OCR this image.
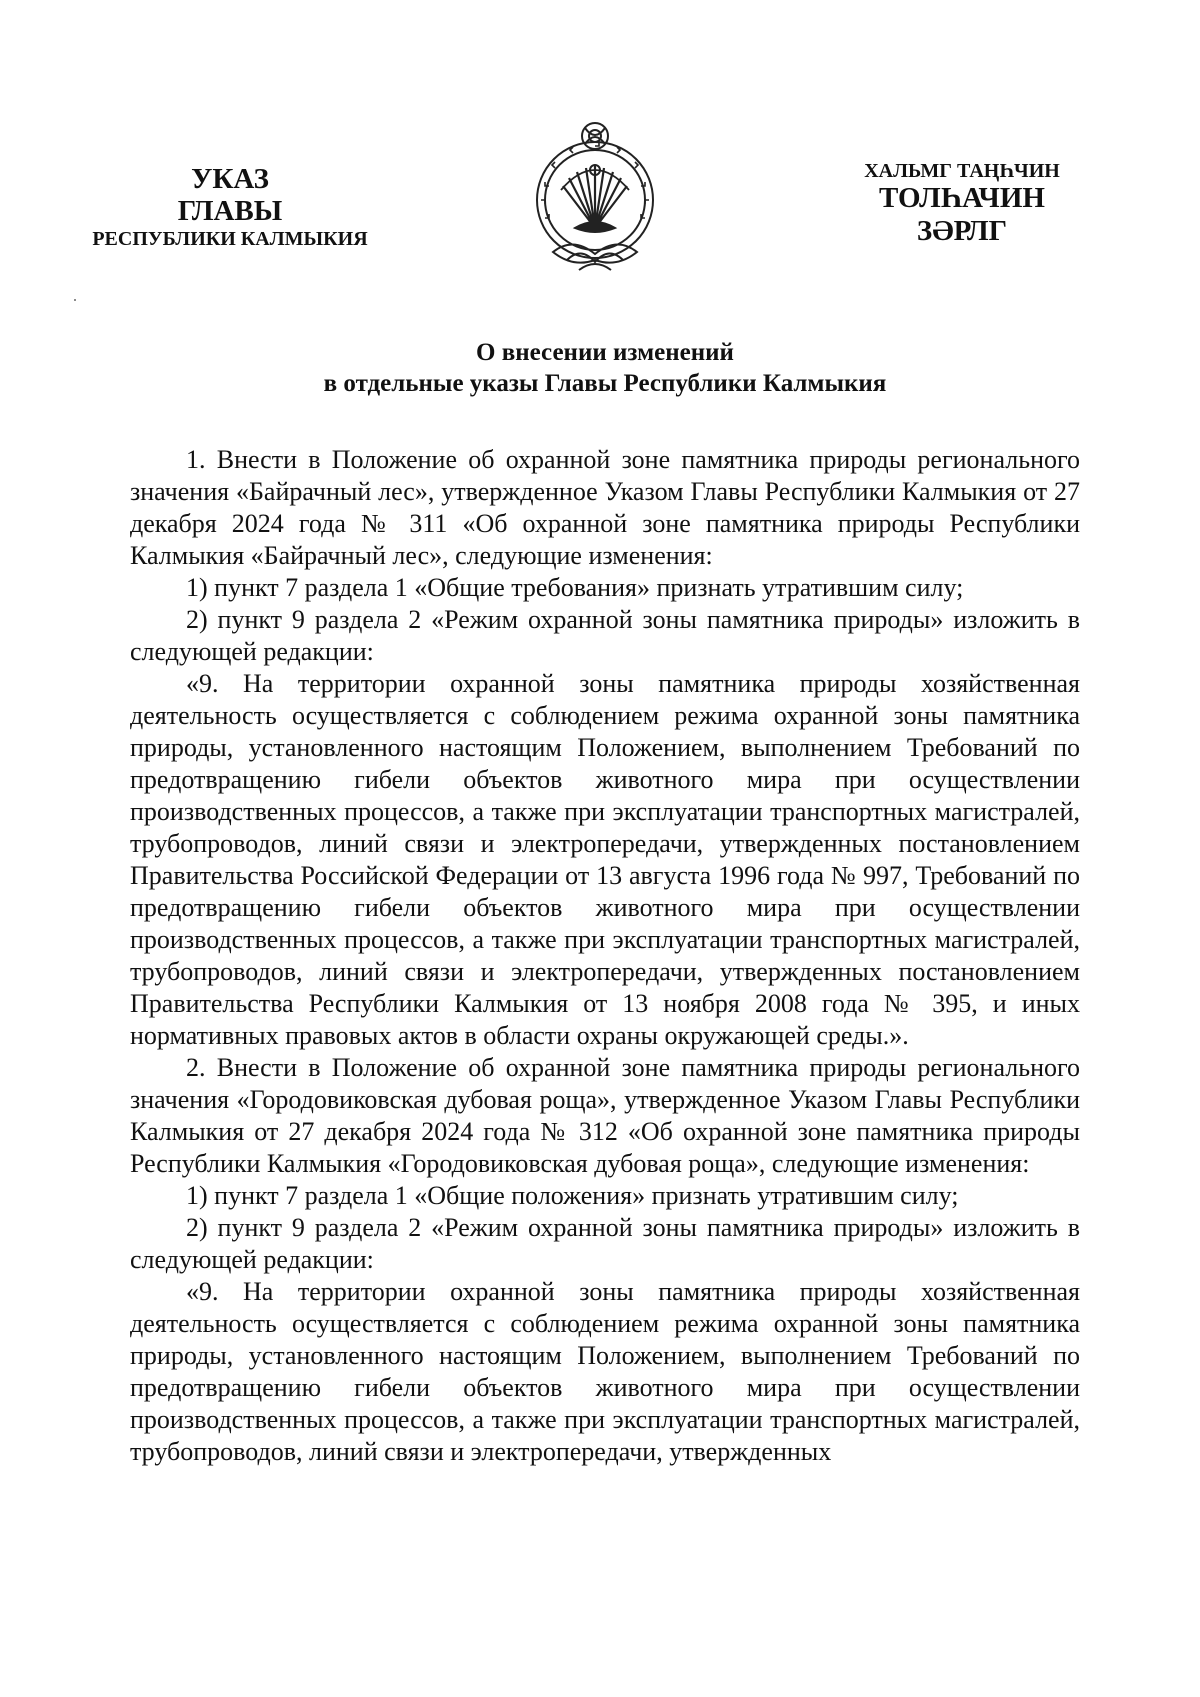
УКАЗ
ГЛАВЫ
РЕСПУБЛИКИ КАЛМЫКИЯ
ХАЛЬМГ ТАҢҺЧИН
ТОЛҺАЧИН
ЗӘРЛГ
О внесении изменений
в отдельные указы Главы Республики Калмыкия

1. Внести в Положение об охранной зоне памятника природы регионального значения «Байрачный лес», утвержденное Указом Главы Республики Калмыкия от 27 декабря 2024 года № 311 «Об охранной зоне памятника природы Республики Калмыкия «Байрачный лес», следующие изменения:

1) пункт 7 раздела 1 «Общие требования» признать утратившим силу;

2) пункт 9 раздела 2 «Режим охранной зоны памятника природы» изложить в следующей редакции:

«9. На территории охранной зоны памятника природы хозяйственная деятельность осуществляется с соблюдением режима охранной зоны памятника природы, установленного настоящим Положением, выполнением Требований по предотвращению гибели объектов животного мира при осуществлении производственных процессов, а также при эксплуатации транспортных магистралей, трубопроводов, линий связи и электропередачи, утвержденных постановлением Правительства Российской Федерации от 13 августа 1996 года № 997, Требований по предотвращению гибели объектов животного мира при осуществлении производственных процессов, а также при эксплуатации транспортных магистралей, трубопроводов, линий связи и электропередачи, утвержденных постановлением Правительства Республики Калмыкия от 13 ноября 2008 года № 395, и иных нормативных правовых актов в области охраны окружающей среды.».

2. Внести в Положение об охранной зоне памятника природы регионального значения «Городовиковская дубовая роща», утвержденное Указом Главы Республики Калмыкия от 27 декабря 2024 года № 312 «Об охранной зоне памятника природы Республики Калмыкия «Городовиковская дубовая роща», следующие изменения:

1) пункт 7 раздела 1 «Общие положения» признать утратившим силу;

2) пункт 9 раздела 2 «Режим охранной зоны памятника природы» изложить в следующей редакции:

«9. На территории охранной зоны памятника природы хозяйственная деятельность осуществляется с соблюдением режима охранной зоны памятника природы, установленного настоящим Положением, выполнением Требований по предотвращению гибели объектов животного мира при осуществлении производственных процессов, а также при эксплуатации транспортных магистралей, трубопроводов, линий связи и электропередачи, утвержденных
